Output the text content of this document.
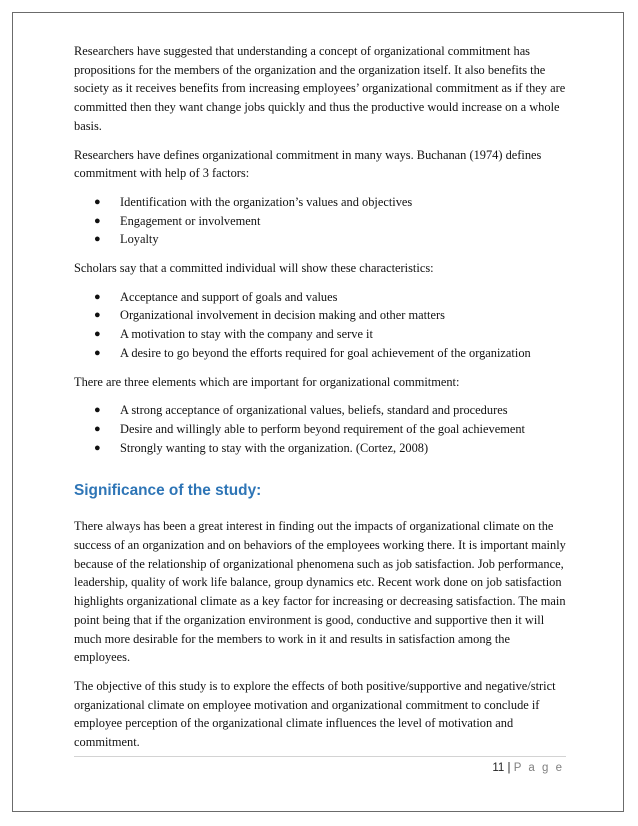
Researchers have suggested that understanding a concept of organizational commitment has propositions for the members of the organization and the organization itself. It also benefits the society as it receives benefits from increasing employees’ organizational commitment as if they are committed then they want change jobs quickly and thus the productive would increase on a whole basis.

Researchers have defines organizational commitment in many ways. Buchanan (1974) defines commitment with help of 3 factors:

● Identification with the organization’s values and objectives
● Engagement or involvement
● Loyalty

Scholars say that a committed individual will show these characteristics:

● Acceptance and support of goals and values
● Organizational involvement in decision making and other matters
● A motivation to stay with the company and serve it
● A desire to go beyond the efforts required for goal achievement of the organization

There are three elements which are important for organizational commitment:

● A strong acceptance of organizational values, beliefs, standard and procedures
● Desire and willingly able to perform beyond requirement of the goal achievement
● Strongly wanting to stay with the organization. (Cortez, 2008)
Significance of the study:

There always has been a great interest in finding out the impacts of organizational climate on the success of an organization and on behaviors of the employees working there. It is important mainly because of the relationship of organizational phenomena such as job satisfaction. Job performance, leadership, quality of work life balance, group dynamics etc. Recent work done on job satisfaction highlights organizational climate as a key factor for increasing or decreasing satisfaction. The main point being that if the organization environment is good, conductive and supportive then it will much more desirable for the members to work in it and results in satisfaction among the employees.

The objective of this study is to explore the effects of both positive/supportive and negative/strict organizational climate on employee motivation and organizational commitment to conclude if employee perception of the organizational climate influences the level of motivation and commitment.

11 | P a g e
